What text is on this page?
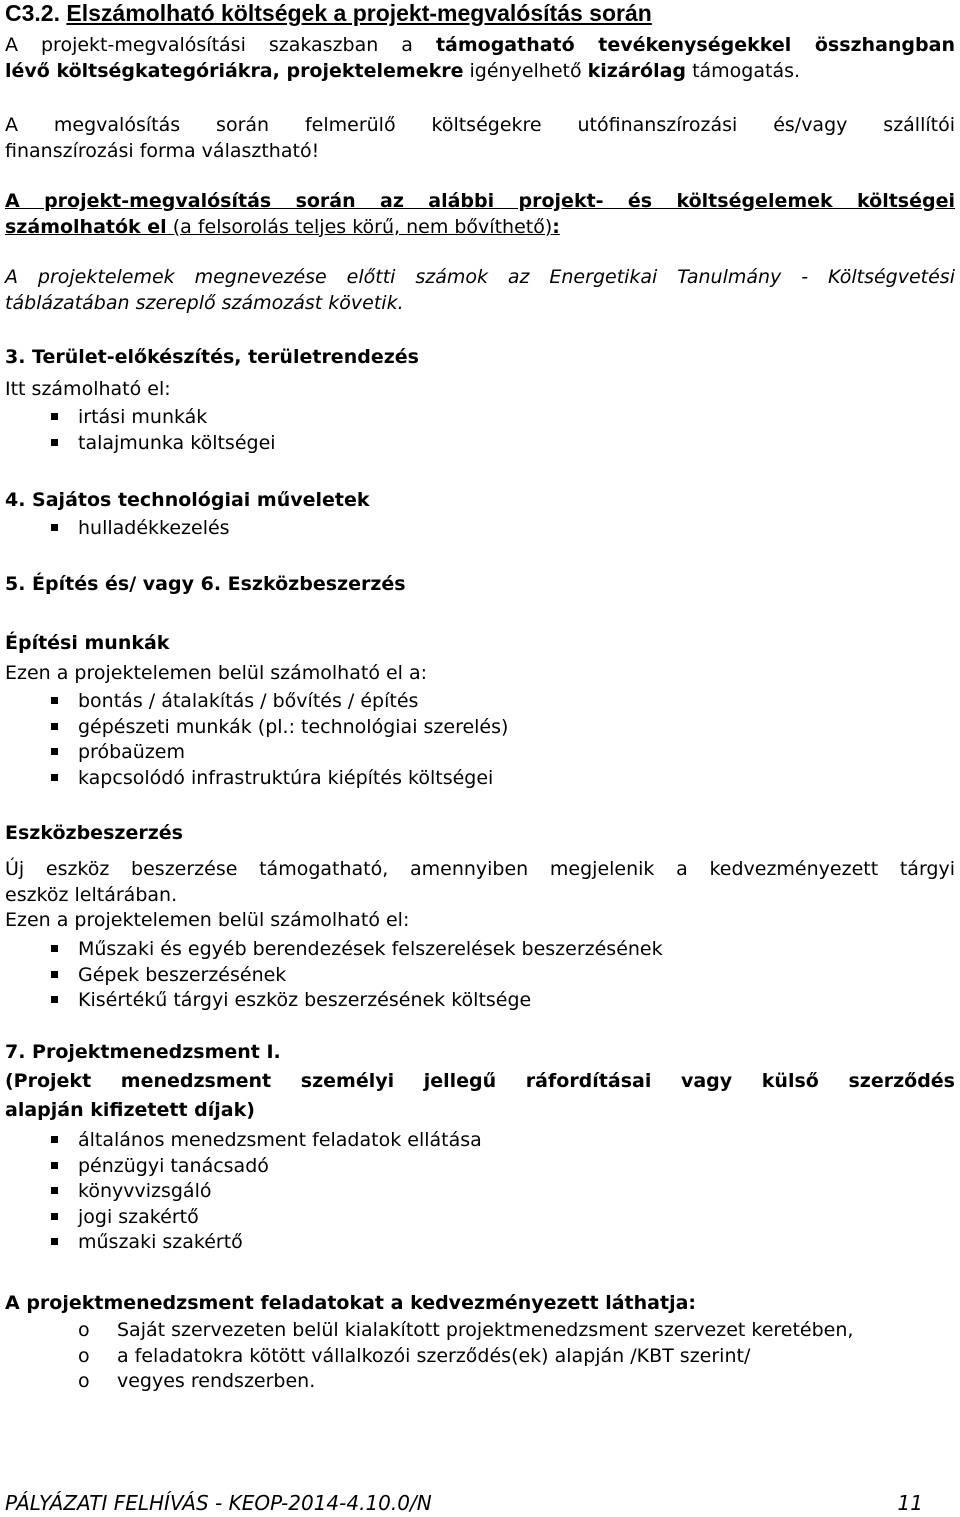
C3.2. Elszámolható költségek a projekt-megvalósítás során
A projekt-megvalósítási szakaszban a támogatható tevékenységekkel összhangban
lévő költségkategóriákra, projektelemekre igényelhető kizárólag támogatás.
A megvalósítás során felmerülő költségekre utófinanszírozási és/vagy szállítói
finanszírozási forma választható!
A projekt-megvalósítás során az alábbi projekt- és költségelemek költségei
számolhatók el (a felsorolás teljes körű, nem bővíthető):
A projektelemek megnevezése előtti számok az Energetikai Tanulmány - Költségvetési
táblázatában szereplő számozást követik.
3. Terület-előkészítés, területrendezés
Itt számolható el:
irtási munkák
talajmunka költségei
4. Sajátos technológiai műveletek
hulladékkezelés
5. Építés és/ vagy 6. Eszközbeszerzés
Építési munkák
Ezen a projektelemen belül számolható el a:
bontás / átalakítás / bővítés / építés
gépészeti munkák (pl.: technológiai szerelés)
próbaüzem
kapcsolódó infrastruktúra kiépítés költségei
Eszközbeszerzés
Új eszköz beszerzése támogatható, amennyiben megjelenik a kedvezményezett tárgyi
eszköz leltárában.
Ezen a projektelemen belül számolható el:
Műszaki és egyéb berendezések felszerelések beszerzésének
Gépek beszerzésének
Kisértékű tárgyi eszköz beszerzésének költsége
7. Projektmenedzsment I.
(Projekt menedzsment személyi jellegű ráfordításai vagy külső szerződés
alapján kifizetett díjak)
általános menedzsment feladatok ellátása
pénzügyi tanácsadó
könyvvizsgáló
jogi szakértő
műszaki szakértő
A projektmenedzsment feladatokat a kedvezményezett láthatja:
o Saját szervezeten belül kialakított projektmenedzsment szervezet keretében,
o a feladatokra kötött vállalkozói szerződés(ek) alapján /KBT szerint/
o vegyes rendszerben.
PÁLYÁZATI FELHÍVÁS - KEOP-2014-4.10.0/N	11
